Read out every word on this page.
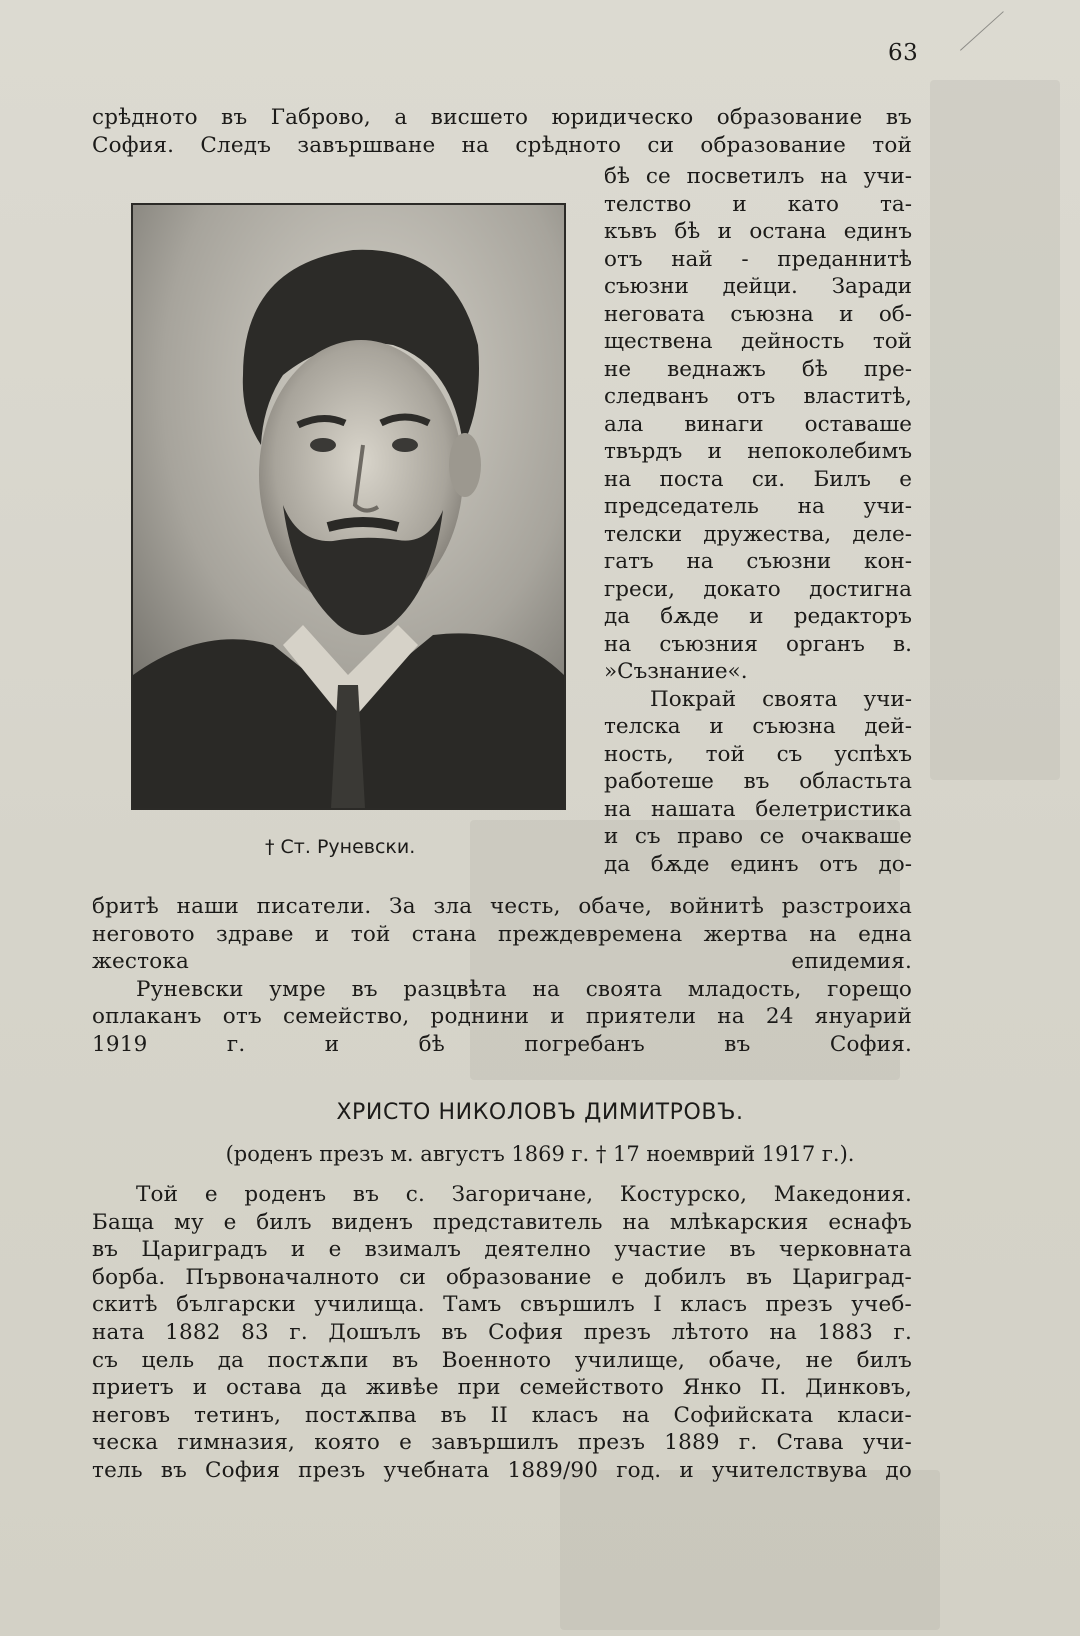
63
срѣдното въ Габрово, а висшето юридическо образование въ
София. Следъ завършване на срѣдното си образование той
† Ст. Руневски.
бѣ се посветилъ на учи-
телство и като та-
къвъ бѣ и остана единъ
отъ най - преданнитѣ
съюзни дейци. Заради
неговата съюзна и об-
ществена дейность той
не веднажъ бѣ пре-
следванъ отъ властитѣ,
ала винаги оставаше
твърдъ и непоколебимъ
на поста си. Билъ е
председатель на учи-
телски дружества, деле-
гатъ на съюзни кон-
греси, докато достигна
да бѫде и редакторъ
на съюзния органъ в.
»Съзнание«.
Покрай своята учи-
телска и съюзна дей-
ность, той съ успѣхъ
работеше въ областьта
на нашата белетристика
и съ право се очакваше
да бѫде единъ отъ до-
бритѣ наши писатели. За зла честь, обаче, войнитѣ разстроиха
неговото здраве и той стана преждевремена жертва на една
жестока епидемия.
Руневски умре въ разцвѣта на своята младость, горещо
оплаканъ отъ семейство, роднини и приятели на 24 януарий
1919 г. и бѣ погребанъ въ София.
ХРИСТО НИКОЛОВЪ ДИМИТРОВЪ.
(роденъ презъ м. августъ 1869 г. † 17 ноемврий 1917 г.).
Той е роденъ въ с. Загоричане, Костурско, Македония.
Баща му е билъ виденъ представитель на млѣкарския еснафъ
въ Цариградъ и е взималъ деятелно участие въ черковната
борба. Първоначалното си образование е добилъ въ Цариград-
скитѣ български училища. Тамъ свършилъ I класъ презъ учеб-
ната 1882 83 г. Дошълъ въ София презъ лѣтото на 1883 г.
съ цель да постѫпи въ Военното училище, обаче, не билъ
приетъ и остава да живѣе при семейството Янко П. Динковъ,
неговъ тетинъ, постѫпва въ II класъ на Софийската класи-
ческа гимназия, която е завършилъ презъ 1889 г. Става учи-
тель въ София презъ учебната 1889/90 год. и учителствува до
